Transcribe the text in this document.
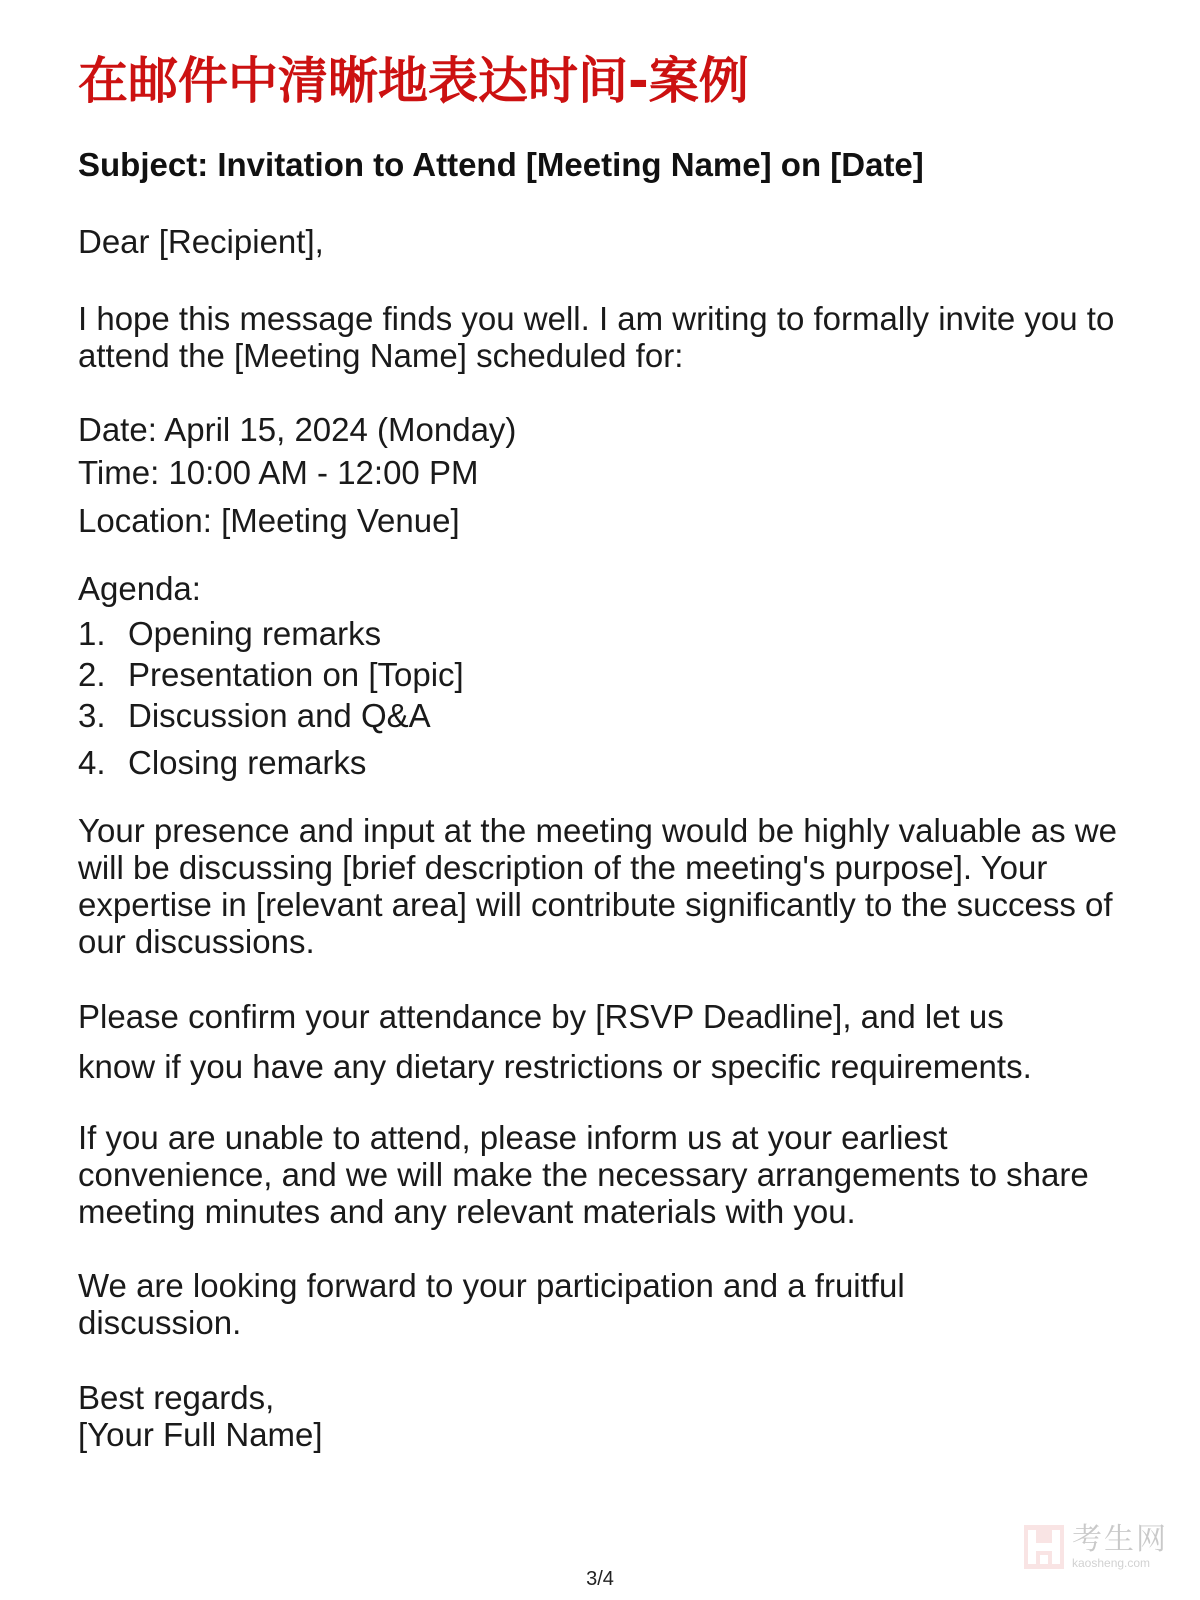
在邮件中清晰地表达时间-案例

Subject: Invitation to Attend [Meeting Name] on [Date]

Dear [Recipient],

I hope this message finds you well. I am writing to formally invite you to attend the [Meeting Name] scheduled for:

Date: April 15, 2024 (Monday)

Time: 10:00 AM - 12:00 PM

Location: [Meeting Venue]

Agenda:

1. Opening remarks
2. Presentation on [Topic]
3. Discussion and Q&A
4. Closing remarks

Your presence and input at the meeting would be highly valuable as we will be discussing [brief description of the meeting's purpose]. Your expertise in [relevant area] will contribute significantly to the success of our discussions.

Please confirm your attendance by [RSVP Deadline], and let us

know if you have any dietary restrictions or specific requirements.

If you are unable to attend, please inform us at your earliest convenience, and we will make the necessary arrangements to share meeting minutes and any relevant materials with you.

We are looking forward to your participation and a fruitful discussion.

Best regards,

[Your Full Name]

3/4
考生网
kaosheng.com
